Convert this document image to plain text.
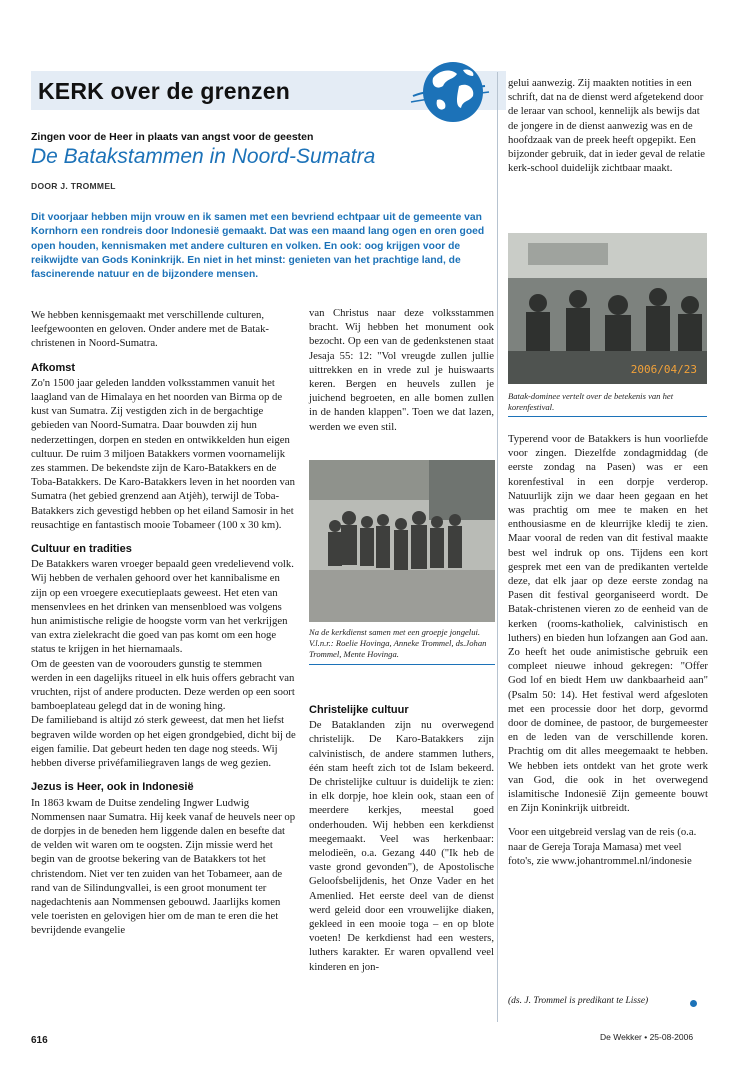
KERK over de grenzen
Zingen voor de Heer in plaats van angst voor de geesten
De Batakstammen in Noord-Sumatra
DOOR J. TROMMEL
Dit voorjaar hebben mijn vrouw en ik samen met een bevriend echtpaar uit de gemeente van Kornhorn een rondreis door Indonesië gemaakt. Dat was een maand lang ogen en oren goed open houden, kennismaken met andere culturen en volken. En ook: oog krijgen voor de reikwijdte van Gods Koninkrijk. En niet in het minst: genieten van het prachtige land, de fascinerende natuur en de bijzondere mensen.

We hebben kennisgemaakt met verschillende culturen, leefgewoonten en geloven. Onder andere met de Batak-christenen in Noord-Sumatra.

Afkomst

Zo'n 1500 jaar geleden landden volksstammen vanuit het laagland van de Himalaya en het noorden van Birma op de kust van Sumatra. Zij vestigden zich in de bergachtige gebieden van Noord-Sumatra. Daar bouwden zij hun nederzettingen, dorpen en steden en ontwikkelden hun eigen cultuur. De ruim 3 miljoen Batakkers vormen voornamelijk zes stammen. De bekendste zijn de Karo-Batakkers en de Toba-Batakkers. De Karo-Batakkers leven in het noorden van Sumatra (het gebied grenzend aan Atjèh), terwijl de Toba-Batakkers zich gevestigd hebben op het eiland Samosir in het reusachtige en fantastisch mooie Tobameer (100 x 30 km).

Cultuur en tradities

De Batakkers waren vroeger bepaald geen vredelievend volk. Wij hebben de verhalen gehoord over het kannibalisme en zijn op een vroegere executieplaats geweest. Het eten van mensenvlees en het drinken van mensenbloed was volgens hun animistische religie de hoogste vorm van het verkrijgen van extra zielekracht die goed van pas komt om een hoge status te krijgen in het hiernamaals.

Om de geesten van de voorouders gunstig te stemmen werden in een dagelijks ritueel in elk huis offers gebracht van vruchten, rijst of andere producten. Deze werden op een soort bamboeplateau gelegd dat in de woning hing.

De familieband is altijd zó sterk geweest, dat men het liefst begraven wilde worden op het eigen grondgebied, dicht bij de eigen familie. Dat gebeurt heden ten dage nog steeds. Wij hebben diverse privéfamiliegraven langs de weg gezien.

Jezus is Heer, ook in Indonesië

In 1863 kwam de Duitse zendeling Ingwer Ludwig Nommensen naar Sumatra. Hij keek vanaf de heuvels neer op de dorpjes in de beneden hem liggende dalen en besefte dat de velden wit waren om te oogsten. Zijn missie werd het begin van de grootse bekering van de Batakkers tot het christendom. Niet ver ten zuiden van het Tobameer, aan de rand van de Silindungvallei, is een groot monument ter nagedachtenis aan Nommensen gebouwd. Jaarlijks komen vele toeristen en gelovigen hier om de man te eren die het bevrijdende evangelie

van Christus naar deze volksstammen bracht. Wij hebben het monument ook bezocht. Op een van de gedenkstenen staat Jesaja 55: 12: "Vol vreugde zullen jullie uittrekken en in vrede zul je huiswaarts keren. Bergen en heuvels zullen je juichend begroeten, en alle bomen zullen in de handen klappen". Toen we dat lazen, werden we even stil.

Na de kerkdienst samen met een groepje jongelui. V.l.n.r.: Roelie Hovinga, Anneke Trommel, ds.Johan Trommel, Mente Hovinga.
Christelijke cultuur

De Bataklanden zijn nu overwegend christelijk. De Karo-Batakkers zijn calvinistisch, de andere stammen luthers, één stam heeft zich tot de Islam bekeerd. De christelijke cultuur is duidelijk te zien: in elk dorpje, hoe klein ook, staan een of meerdere kerkjes, meestal goed onderhouden. Wij hebben een kerkdienst meegemaakt. Veel was herkenbaar: melodieën, o.a. Gezang 440 ("Ik heb de vaste grond gevonden"), de Apostolische Geloofsbelijdenis, het Onze Vader en het Amenlied. Het eerste deel van de dienst werd geleid door een vrouwelijke diaken, gekleed in een mooie toga – en op blote voeten! De kerkdienst had een westers, luthers karakter. Er waren opvallend veel kinderen en jon-

gelui aanwezig. Zij maakten notities in een schrift, dat na de dienst werd afgetekend door de leraar van school, kennelijk als bewijs dat de jongere in de dienst aanwezig was en de hoofdzaak van de preek heeft opgepikt. Een bijzonder gebruik, dat in ieder geval de relatie kerk-school duidelijk zichtbaar maakt.

2006/04/23
Batak-dominee vertelt over de betekenis van het korenfestival.

Typerend voor de Batakkers is hun voorliefde voor zingen. Diezelfde zondagmiddag (de eerste zondag na Pasen) was er een korenfestival in een dorpje verderop. Natuurlijk zijn we daar heen gegaan en het was prachtig om mee te maken en het enthousiasme en de kleurrijke kledij te zien. Maar vooral de reden van dit festival maakte best wel indruk op ons. Tijdens een kort gesprek met een van de predikanten vertelde deze, dat elk jaar op deze eerste zondag na Pasen dit festival georganiseerd wordt. De Batak-christenen vieren zo de eenheid van de kerken (rooms-katholiek, calvinistisch en luthers) en bieden hun lofzangen aan God aan. Zo heeft het oude animistische gebruik een compleet nieuwe inhoud gekregen: "Offer God lof en biedt Hem uw dankbaarheid aan" (Psalm 50: 14). Het festival werd afgesloten met een processie door het dorp, gevormd door de dominee, de pastoor, de burgemeester en de leden van de verschillende koren. Prachtig om dit alles meegemaakt te hebben. We hebben iets ontdekt van het grote werk van God, die ook in het overwegend islamitische Indonesië Zijn gemeente bouwt en Zijn Koninkrijk uitbreidt.

Voor een uitgebreid verslag van de reis (o.a. naar de Gereja Toraja Mamasa) met veel foto's, zie www.johantrommel.nl/indonesie

(ds. J. Trommel is predikant te Lisse)
616	De Wekker • 25-08-2006
